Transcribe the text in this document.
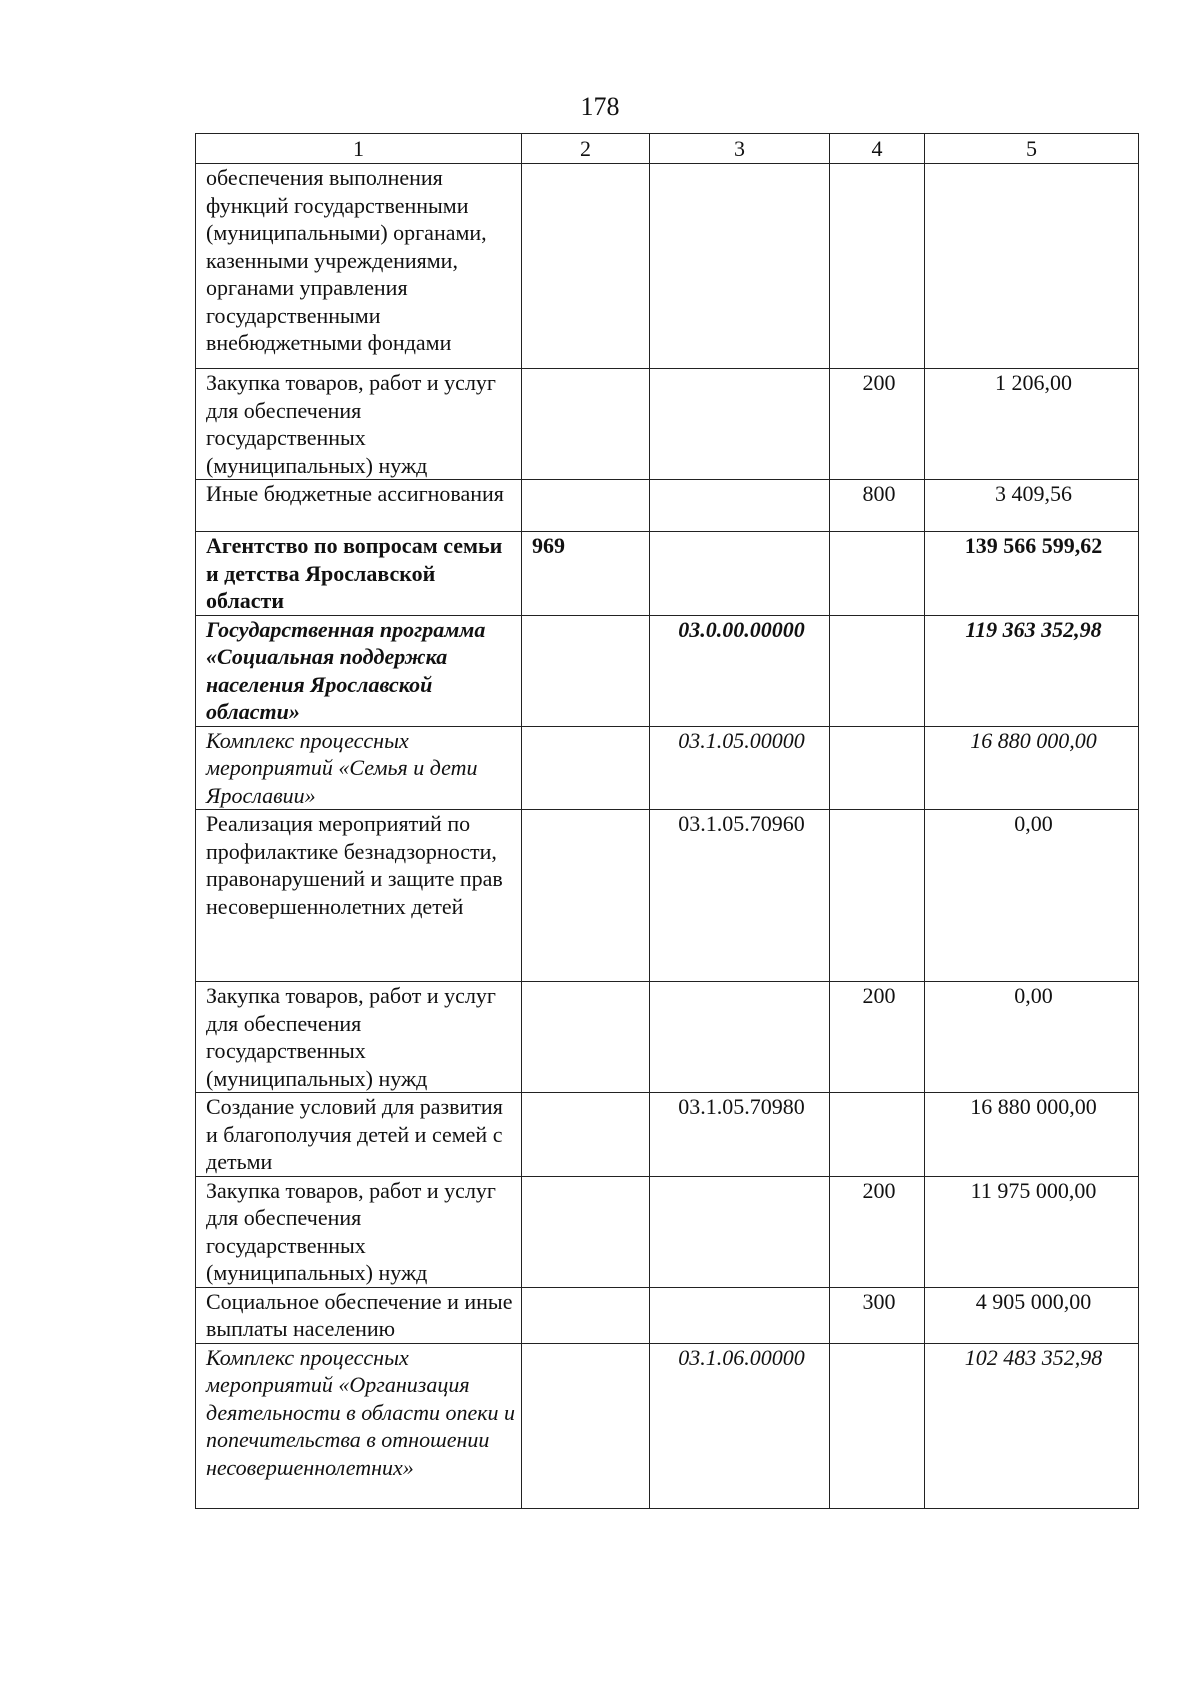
178
1	2	3	4	5
обеспечения выполнения функций государственными (муниципальными) органами, казенными учреждениями, органами управления государственными внебюджетными фондами				
Закупка товаров, работ и услуг для обеспечения государственных (муниципальных) нужд			200	1 206,00
Иные бюджетные ассигнования			800	3 409,56
Агентство по вопросам семьи и детства Ярославской области	969			139 566 599,62
Государственная программа «Социальная поддержка населения Ярославской области»		03.0.00.00000		119 363 352,98
Комплекс процессных мероприятий «Семья и дети Ярославии»		03.1.05.00000		16 880 000,00
Реализация мероприятий по профилактике безнадзорности, правонарушений и защите прав несовершеннолетних детей		03.1.05.70960		0,00
Закупка товаров, работ и услуг для обеспечения государственных (муниципальных) нужд			200	0,00
Создание условий для развития и благополучия детей и семей с детьми		03.1.05.70980		16 880 000,00
Закупка товаров, работ и услуг для обеспечения государственных (муниципальных) нужд			200	11 975 000,00
Социальное обеспечение и иные выплаты населению			300	4 905 000,00
Комплекс процессных мероприятий «Организация деятельности в области опеки и попечительства в отношении несовершеннолетних»		03.1.06.00000		102 483 352,98
